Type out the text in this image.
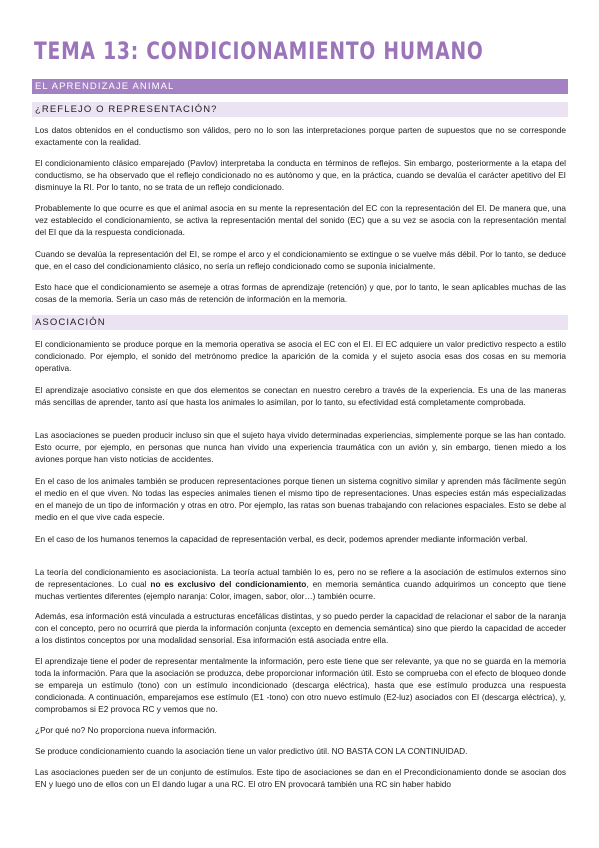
TEMA 13: CONDICIONAMIENTO HUMANO
EL APRENDIZAJE ANIMAL
¿REFLEJO O REPRESENTACIÓN?

Los datos obtenidos en el conductismo son válidos, pero no lo son las interpretaciones porque parten de supuestos que no se corresponde exactamente con la realidad.

El condicionamiento clásico emparejado (Pavlov) interpretaba la conducta en términos de reflejos. Sin embargo, posteriormente a la etapa del conductismo, se ha observado que el reflejo condicionado no es autónomo y que, en la práctica, cuando se devalúa el carácter apetitivo del EI disminuye la RI. Por lo tanto, no se trata de un reflejo condicionado.

Probablemente lo que ocurre es que el animal asocia en su mente la representación del EC con la representación del EI. De manera que, una vez establecido el condicionamiento, se activa la representación mental del sonido (EC) que a su vez se asocia con la representación mental del EI que da la respuesta condicionada.

Cuando se devalúa la representación del EI, se rompe el arco y el condicionamiento se extingue o se vuelve más débil. Por lo tanto, se deduce que, en el caso del condicionamiento clásico, no sería un reflejo condicionado como se suponía inicialmente.

Esto hace que el condicionamiento se asemeje a otras formas de aprendizaje (retención) y que, por lo tanto, le sean aplicables muchas de las cosas de la memoria. Sería un caso más de retención de información en la memoria.

ASOCIACIÓN

El condicionamiento se produce porque en la memoria operativa se asocia el EC con el EI. El EC adquiere un valor predictivo respecto a estilo condicionado. Por ejemplo, el sonido del metrónomo predice la aparición de la comida y el sujeto asocia esas dos cosas en su memoria operativa.

El aprendizaje asociativo consiste en que dos elementos se conectan en nuestro cerebro a través de la experiencia. Es una de las maneras más sencillas de aprender, tanto así que hasta los animales lo asimilan, por lo tanto, su efectividad está completamente comprobada.

Las asociaciones se pueden producir incluso sin que el sujeto haya vivido determinadas experiencias, simplemente porque se las han contado. Esto ocurre, por ejemplo, en personas que nunca han vivido una experiencia traumática con un avión y, sin embargo, tienen miedo a los aviones porque han visto noticias de accidentes.

En el caso de los animales también se producen representaciones porque tienen un sistema cognitivo similar y aprenden más fácilmente según el medio en el que viven. No todas las especies animales tienen el mismo tipo de representaciones. Unas especies están más especializadas en el manejo de un tipo de información y otras en otro. Por ejemplo, las ratas son buenas trabajando con relaciones espaciales. Esto se debe al medio en el que vive cada especie.

En el caso de los humanos tenemos la capacidad de representación verbal, es decir, podemos aprender mediante información verbal.

La teoría del condicionamiento es asociacionista. La teoría actual también lo es, pero no se refiere a la asociación de estímulos externos sino de representaciones. Lo cual no es exclusivo del condicionamiento, en memoria semántica cuando adquirimos un concepto que tiene muchas vertientes diferentes (ejemplo naranja: Color, imagen, sabor, olor…) también ocurre.

Además, esa información está vinculada a estructuras encefálicas distintas, y so puedo perder la capacidad de relacionar el sabor de la naranja con el concepto, pero no ocurrirá que pierda la información conjunta (excepto en demencia semántica) sino que pierdo la capacidad de acceder a los distintos conceptos por una modalidad sensorial. Esa información está asociada entre ella.

El aprendizaje tiene el poder de representar mentalmente la información, pero este tiene que ser relevante, ya que no se guarda en la memoria toda la información. Para que la asociación se produzca, debe proporcionar información útil. Esto se comprueba con el efecto de bloqueo donde se empareja un estímulo (tono) con un estímulo incondicionado (descarga eléctrica), hasta que ese estímulo produzca una respuesta condicionada. A continuación, emparejamos ese estímulo (E1 -tono) con otro nuevo estímulo (E2-luz) asociados con EI (descarga eléctrica), y, comprobamos si E2 provoca RC y vemos que no.

¿Por qué no? No proporciona nueva información.

Se produce condicionamiento cuando la asociación tiene un valor predictivo útil. NO BASTA CON LA CONTINUIDAD.

Las asociaciones pueden ser de un conjunto de estímulos. Este tipo de asociaciones se dan en el Precondicionamiento donde se asocian dos EN y luego uno de ellos con un EI dando lugar a una RC. El otro EN provocará también una RC sin haber habido
